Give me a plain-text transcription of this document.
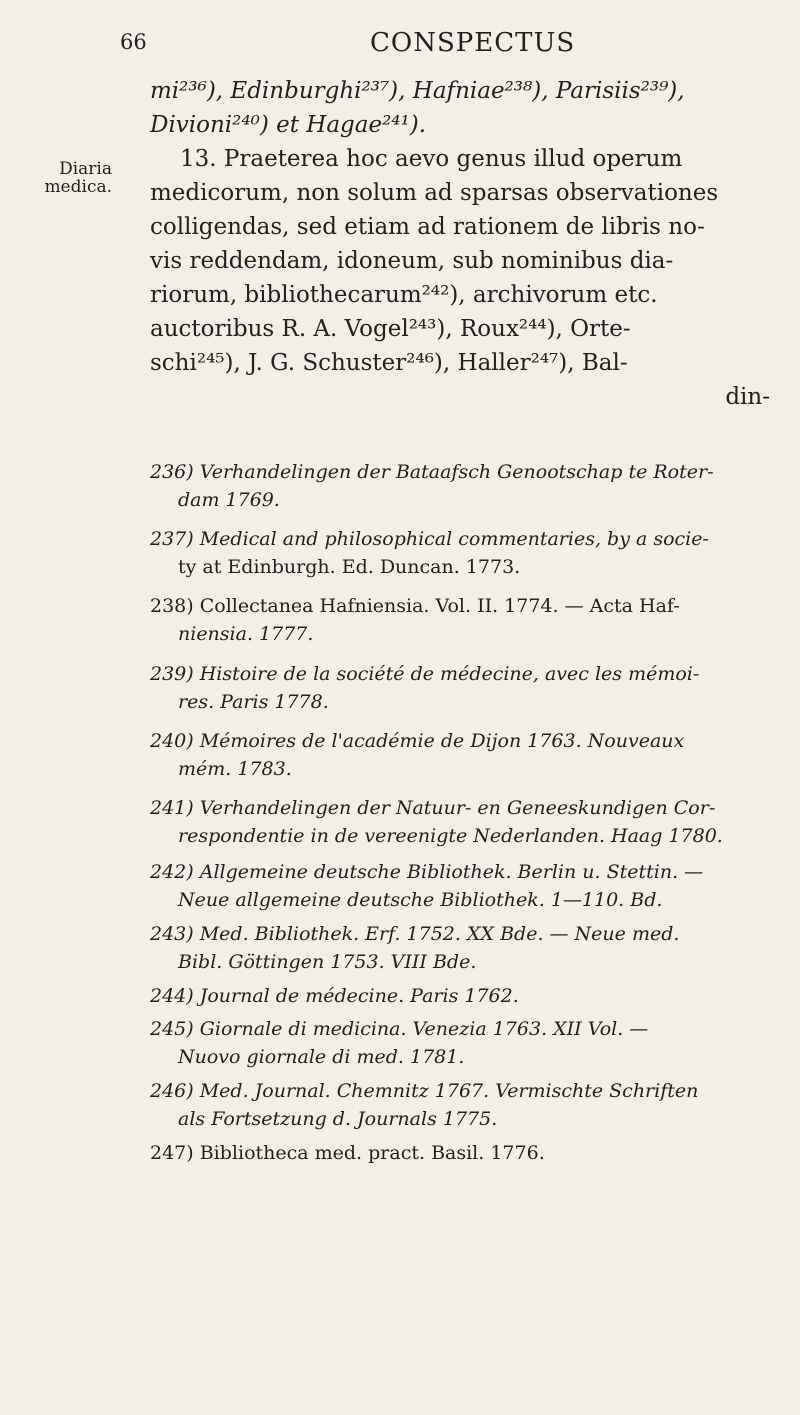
66	CONSPECTUS
Diaria medica.
mi²³⁶), Edinburghi²³⁷), Hafniae²³⁸), Parisiis²³⁹),
Divioni²⁴⁰) et Hagae²⁴¹).
13. Praeterea hoc aevo genus illud operum
medicorum, non solum ad sparsas observationes
colligendas, sed etiam ad rationem de libris no-
vis reddendam, idoneum, sub nominibus dia-
riorum, bibliothecarum²⁴²), archivorum etc.
auctoribus R. A. Vogel²⁴³), Roux²⁴⁴), Orte-
schi²⁴⁵), J. G. Schuster²⁴⁶), Haller²⁴⁷), Bal-
din-
236) Verhandelingen der Bataafsch Genootschap te Roter-
dam 1769.
237) Medical and philosophical commentaries, by a socie-
ty at Edinburgh. Ed. Duncan. 1773.
238) Collectanea Hafniensia. Vol. II. 1774. — Acta Haf-
niensia. 1777.
239) Histoire de la société de médecine, avec les mémoi-
res. Paris 1778.
240) Mémoires de l'académie de Dijon 1763. Nouveaux
mém. 1783.
241) Verhandelingen der Natuur- en Geneeskundigen Cor-
respondentie in de vereenigte Nederlanden. Haag 1780.
242) Allgemeine deutsche Bibliothek. Berlin u. Stettin. —
Neue allgemeine deutsche Bibliothek. 1—110. Bd.
243) Med. Bibliothek. Erf. 1752. XX Bde. — Neue med.
Bibl. Göttingen 1753. VIII Bde.
244) Journal de médecine. Paris 1762.
245) Giornale di medicina. Venezia 1763. XII Vol. —
Nuovo giornale di med. 1781.
246) Med. Journal. Chemnitz 1767. Vermischte Schriften
als Fortsetzung d. Journals 1775.
247) Bibliotheca med. pract. Basil. 1776.
